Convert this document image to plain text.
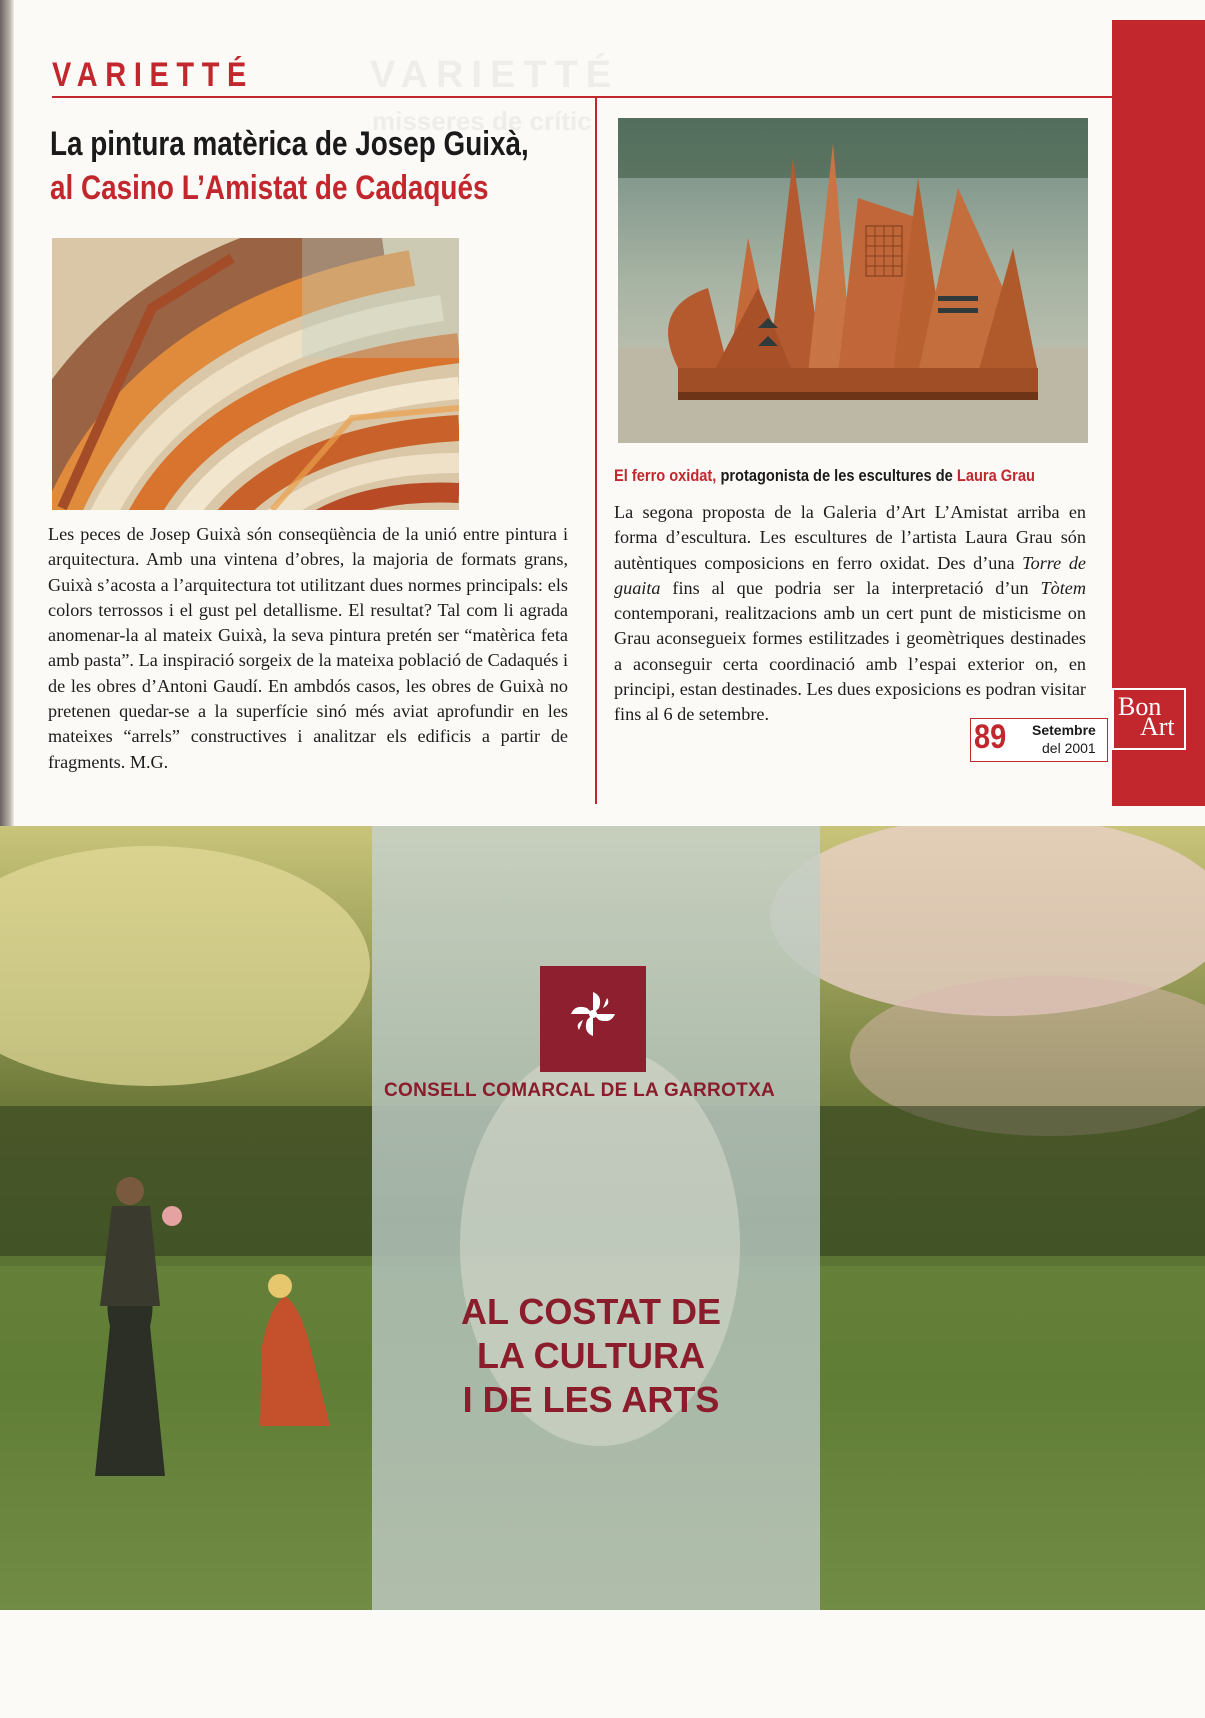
VARIETTÉ
misseres de crític
VARIETTÉ
La pintura matèrica de Josep Guixà,
al Casino L’Amistat de Cadaqués
El ferro oxidat, protagonista de les escultures de Laura Grau

Les peces de Josep Guixà són conseqüència de la unió entre pintura i arquitectura. Amb una vintena d’obres, la majoria de formats grans, Guixà s’acosta a l’arquitectura tot utilitzant dues normes principals: els colors terrossos i el gust pel detallisme. El resultat? Tal com li agrada anomenar-la al mateix Guixà, la seva pintura pretén ser “matèrica feta amb pasta”. La inspiració sorgeix de la mateixa població de Cadaqués i de les obres d’Antoni Gaudí. En ambdós casos, les obres de Guixà no pretenen quedar-se a la superfície sinó més aviat aprofundir en les mateixes “arrels” constructives i analitzar els edificis a partir de fragments. M.G.

La segona proposta de la Galeria d’Art L’Amistat arriba en forma d’escultura. Les escultures de l’artista Laura Grau són autèntiques composicions en ferro oxidat. Des d’una Torre de guaita fins al que podria ser la interpretació d’un Tòtem contemporani, realitzacions amb un cert punt de misticisme on Grau aconsegueix formes estilitzades i geomètriques destinades a aconseguir certa coordinació amb l’espai exterior on, en principi, estan destinades. Les dues exposicions es podran visitar fins al 6 de setembre.

89 Setembre
del 2001
Bon
Art
CONSELL COMARCAL DE LA GARROTXA
AL COSTAT DE
LA CULTURA
I DE LES ARTS
